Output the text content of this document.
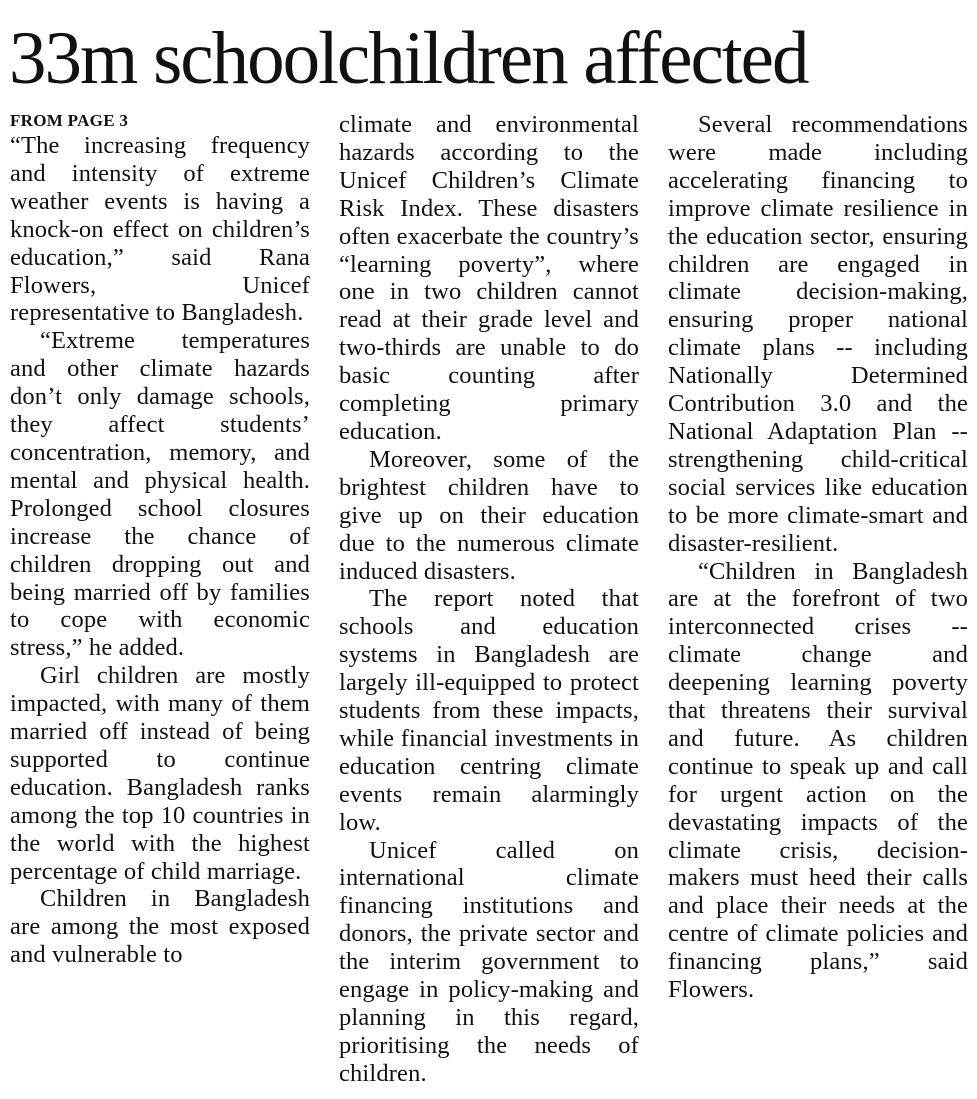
33m schoolchildren affected
FROM PAGE 3

“The increasing frequency and intensity of extreme weather events is having a knock-on effect on children’s education,” said Rana Flowers, Unicef representative to Bangladesh.

“Extreme temperatures and other climate hazards don’t only damage schools, they affect students’ concentration, memory, and mental and physical health. Prolonged school closures increase the chance of children dropping out and being married off by families to cope with economic stress,” he added.

Girl children are mostly impacted, with many of them married off instead of being supported to continue education. Bangladesh ranks among the top 10 countries in the world with the highest percentage of child marriage.

Children in Bangladesh are among the most exposed and vulnerable to

climate and environmental hazards according to the Unicef Children’s Climate Risk Index. These disasters often exacerbate the country’s “learning poverty”, where one in two children cannot read at their grade level and two-thirds are unable to do basic counting after completing primary education.

Moreover, some of the brightest children have to give up on their education due to the numerous climate induced disasters.

The report noted that schools and education systems in Bangladesh are largely ill-equipped to protect students from these impacts, while financial investments in education centring climate events remain alarmingly low.

Unicef called on international climate financing institutions and donors, the private sector and the interim government to engage in policy-making and planning in this regard, prioritising the needs of children.

Several recommendations were made including accelerating financing to improve climate resilience in the education sector, ensuring children are engaged in climate decision-making, ensuring proper national climate plans -- including Nationally Determined Contribution 3.0 and the National Adaptation Plan -- strengthening child-critical social services like education to be more climate-smart and disaster-resilient.

“Children in Bangladesh are at the forefront of two interconnected crises -- climate change and deepening learning poverty that threatens their survival and future. As children continue to speak up and call for urgent action on the devastating impacts of the climate crisis, decision-makers must heed their calls and place their needs at the centre of climate policies and financing plans,” said Flowers.
